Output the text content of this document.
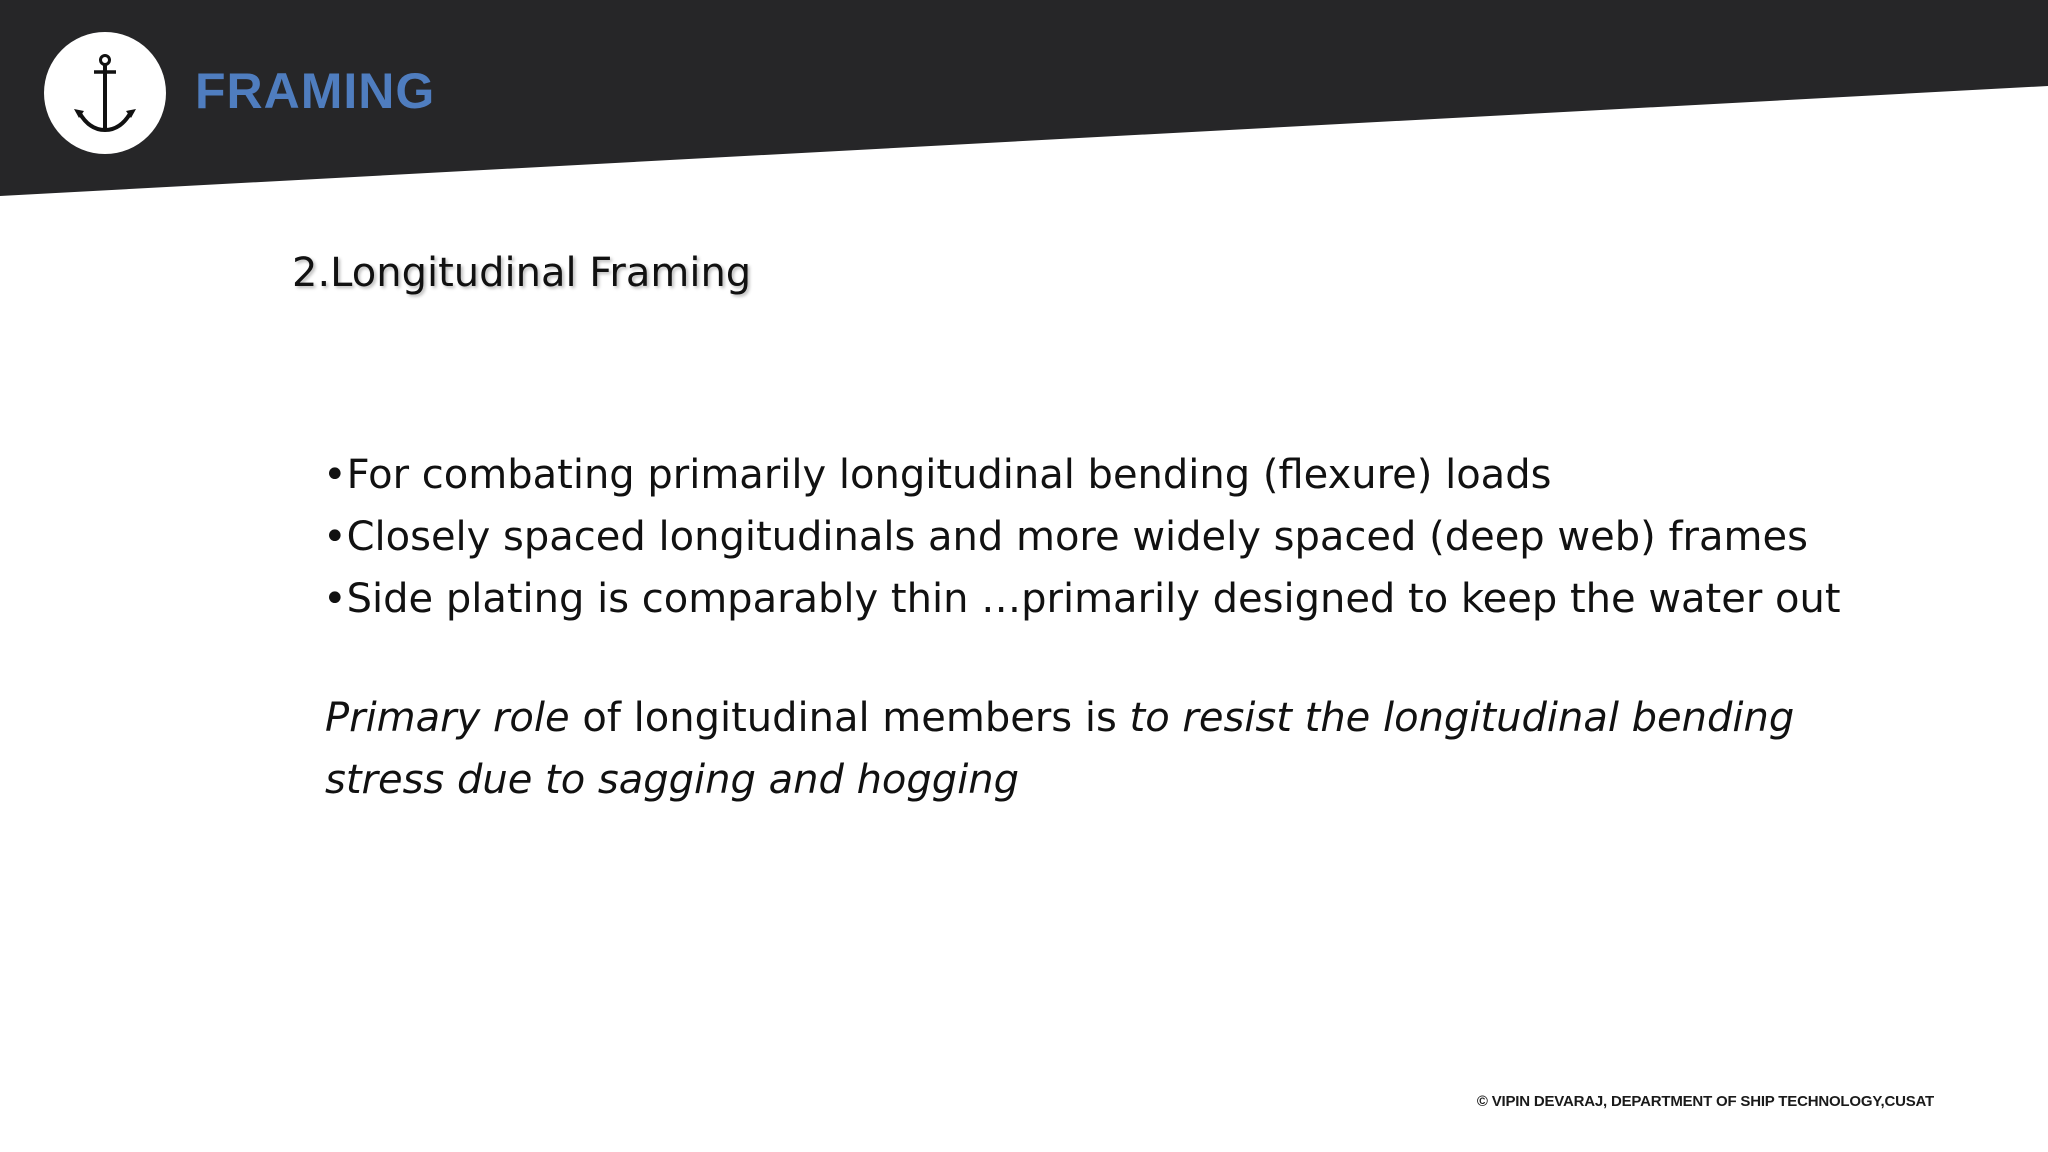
FRAMING
2.Longitudinal Framing
•For combating primarily longitudinal bending (flexure) loads
•Closely spaced longitudinals and more widely spaced (deep web) frames
•Side plating is comparably thin …primarily designed to keep the water out
Primary role of longitudinal members is to resist the longitudinal bending
stress due to sagging and hogging
© VIPIN DEVARAJ, DEPARTMENT OF SHIP TECHNOLOGY,CUSAT
